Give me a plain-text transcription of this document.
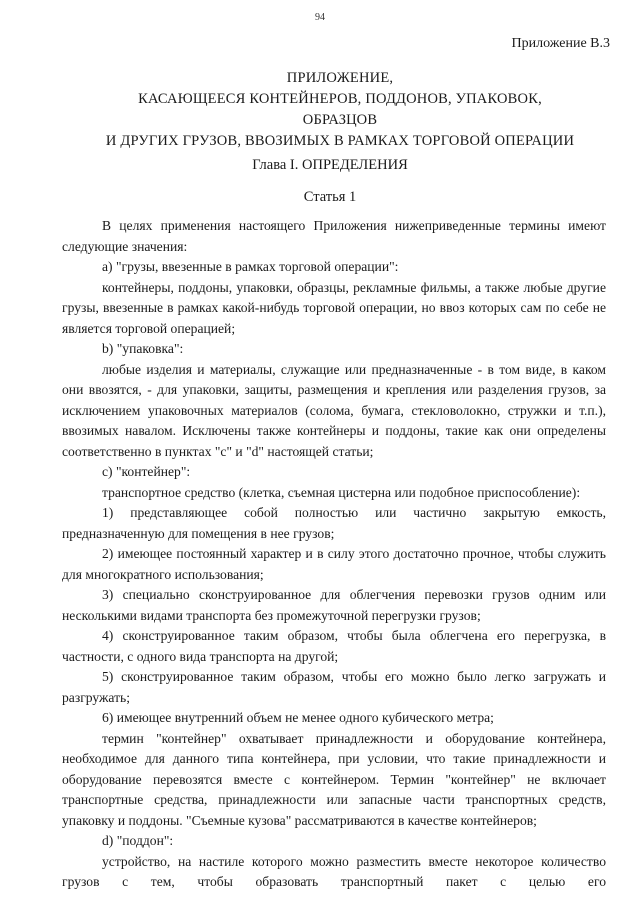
94
Приложение В.3
ПРИЛОЖЕНИЕ,
КАСАЮЩЕЕСЯ КОНТЕЙНЕРОВ, ПОДДОНОВ, УПАКОВОК,
ОБРАЗЦОВ
И ДРУГИХ ГРУЗОВ, ВВОЗИМЫХ В РАМКАХ ТОРГОВОЙ ОПЕРАЦИИ
Глава I. ОПРЕДЕЛЕНИЯ
Статья 1

В целях применения настоящего Приложения нижеприведенные термины имеют следующие значения:

a) "грузы, ввезенные в рамках торговой операции":

контейнеры, поддоны, упаковки, образцы, рекламные фильмы, а также любые другие грузы, ввезенные в рамках какой-нибудь торговой операции, но ввоз которых сам по себе не является торговой операцией;

b) "упаковка":

любые изделия и материалы, служащие или предназначенные - в том виде, в каком они ввозятся, - для упаковки, защиты, размещения и крепления или разделения грузов, за исключением упаковочных материалов (солома, бумага, стекловолокно, стружки и т.п.), ввозимых навалом. Исключены также контейнеры и поддоны, такие как они определены соответственно в пунктах "c" и "d" настоящей статьи;

c) "контейнер":

транспортное средство (клетка, съемная цистерна или подобное приспособление):

1) представляющее собой полностью или частично закрытую емкость, предназначенную для помещения в нее грузов;

2) имеющее постоянный характер и в силу этого достаточно прочное, чтобы служить для многократного использования;

3) специально сконструированное для облегчения перевозки грузов одним или несколькими видами транспорта без промежуточной перегрузки грузов;

4) сконструированное таким образом, чтобы была облегчена его перегрузка, в частности, с одного вида транспорта на другой;

5) сконструированное таким образом, чтобы его можно было легко загружать и разгружать;

6) имеющее внутренний объем не менее одного кубического метра;

термин "контейнер" охватывает принадлежности и оборудование контейнера, необходимое для данного типа контейнера, при условии, что такие принадлежности и оборудование перевозятся вместе с контейнером. Термин "контейнер" не включает транспортные средства, принадлежности или запасные части транспортных средств, упаковку и поддоны. "Съемные кузова" рассматриваются в качестве контейнеров;

d) "поддон":

устройство, на настиле которого можно разместить вместе некоторое количество грузов с тем, чтобы образовать транспортный пакет с целью его
